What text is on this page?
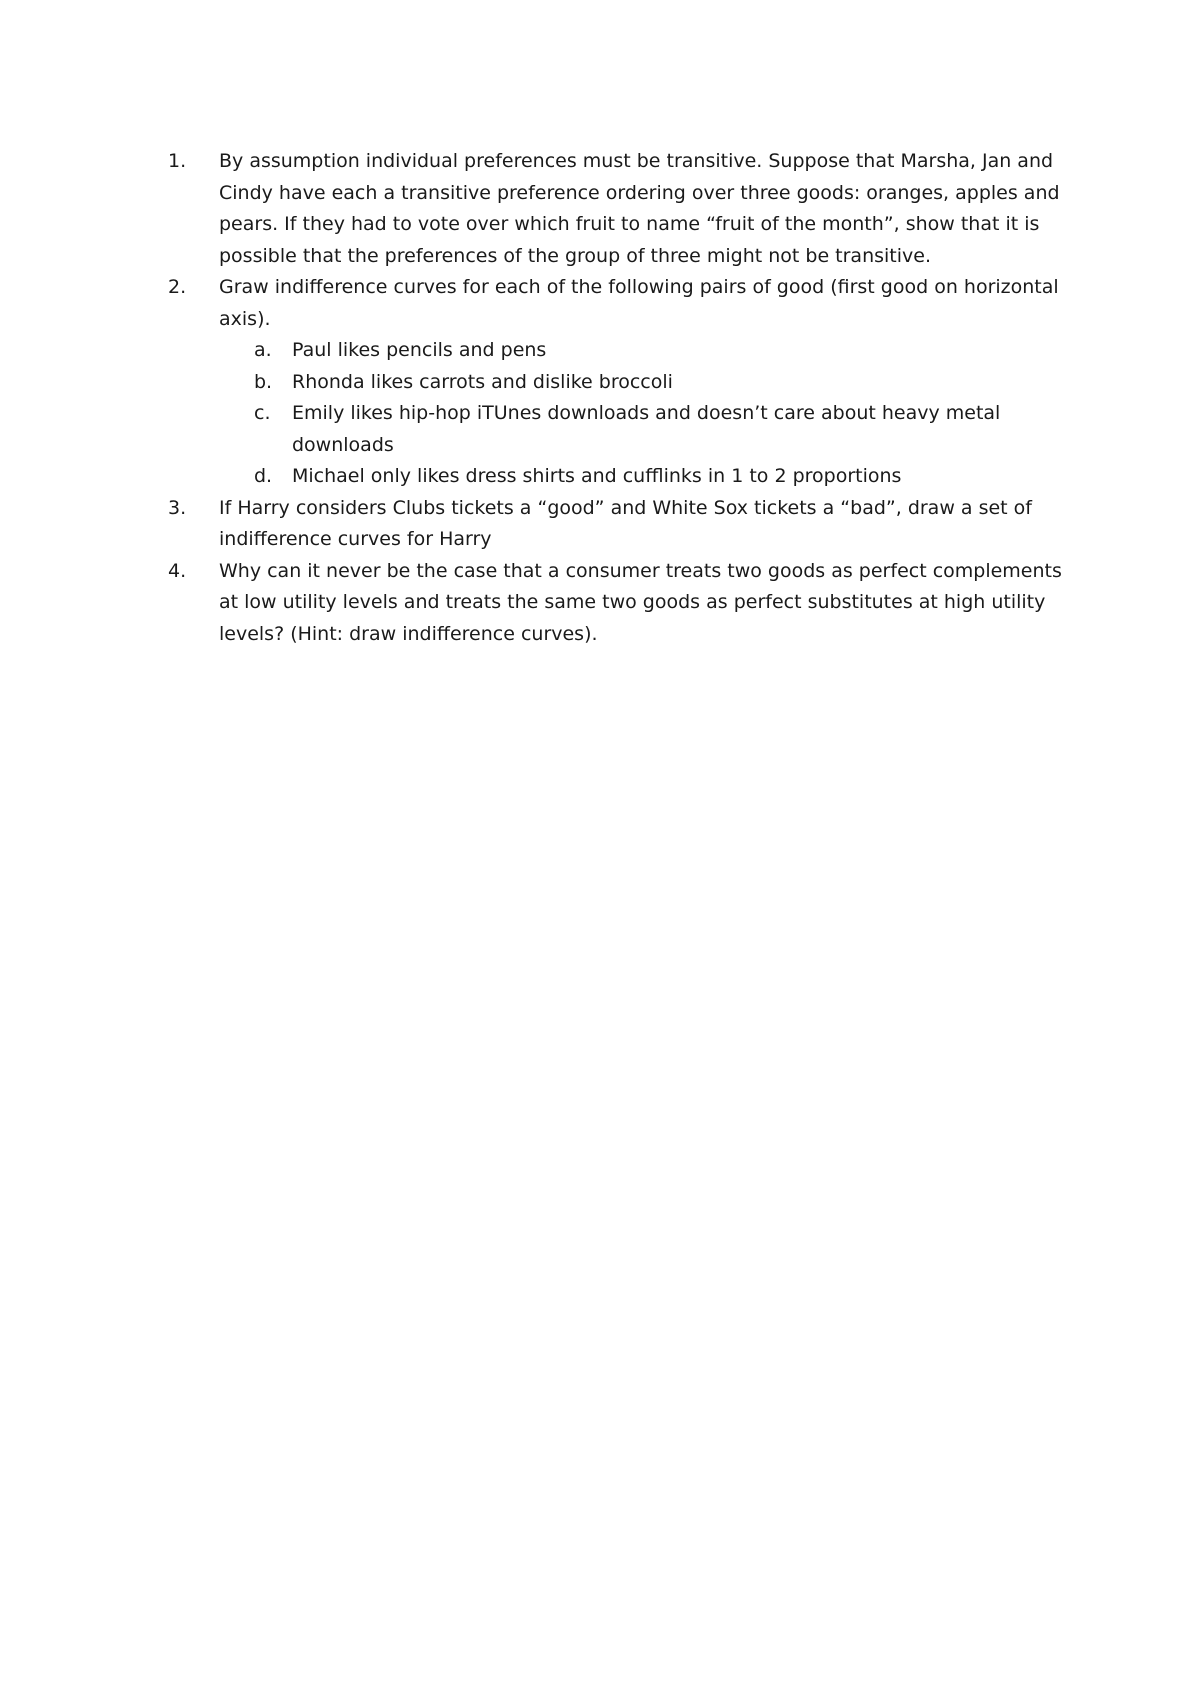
1. By assumption individual preferences must be transitive. Suppose that Marsha, Jan and Cindy have each a transitive preference ordering over three goods: oranges, apples and pears. If they had to vote over which fruit to name “fruit of the month”, show that it is possible that the preferences of the group of three might not be transitive.
2. Graw indifference curves for each of the following pairs of good (first good on horizontal axis).
a. Paul likes pencils and pens
b. Rhonda likes carrots and dislike broccoli
c. Emily likes hip-hop iTUnes downloads and doesn’t care about heavy metal downloads
d. Michael only likes dress shirts and cufflinks in 1 to 2 proportions
3. If Harry considers Clubs tickets a “good” and White Sox tickets a “bad”, draw a set of indifference curves for Harry
4. Why can it never be the case that a consumer treats two goods as perfect complements at low utility levels and treats the same two goods as perfect substitutes at high utility levels? (Hint: draw indifference curves).
